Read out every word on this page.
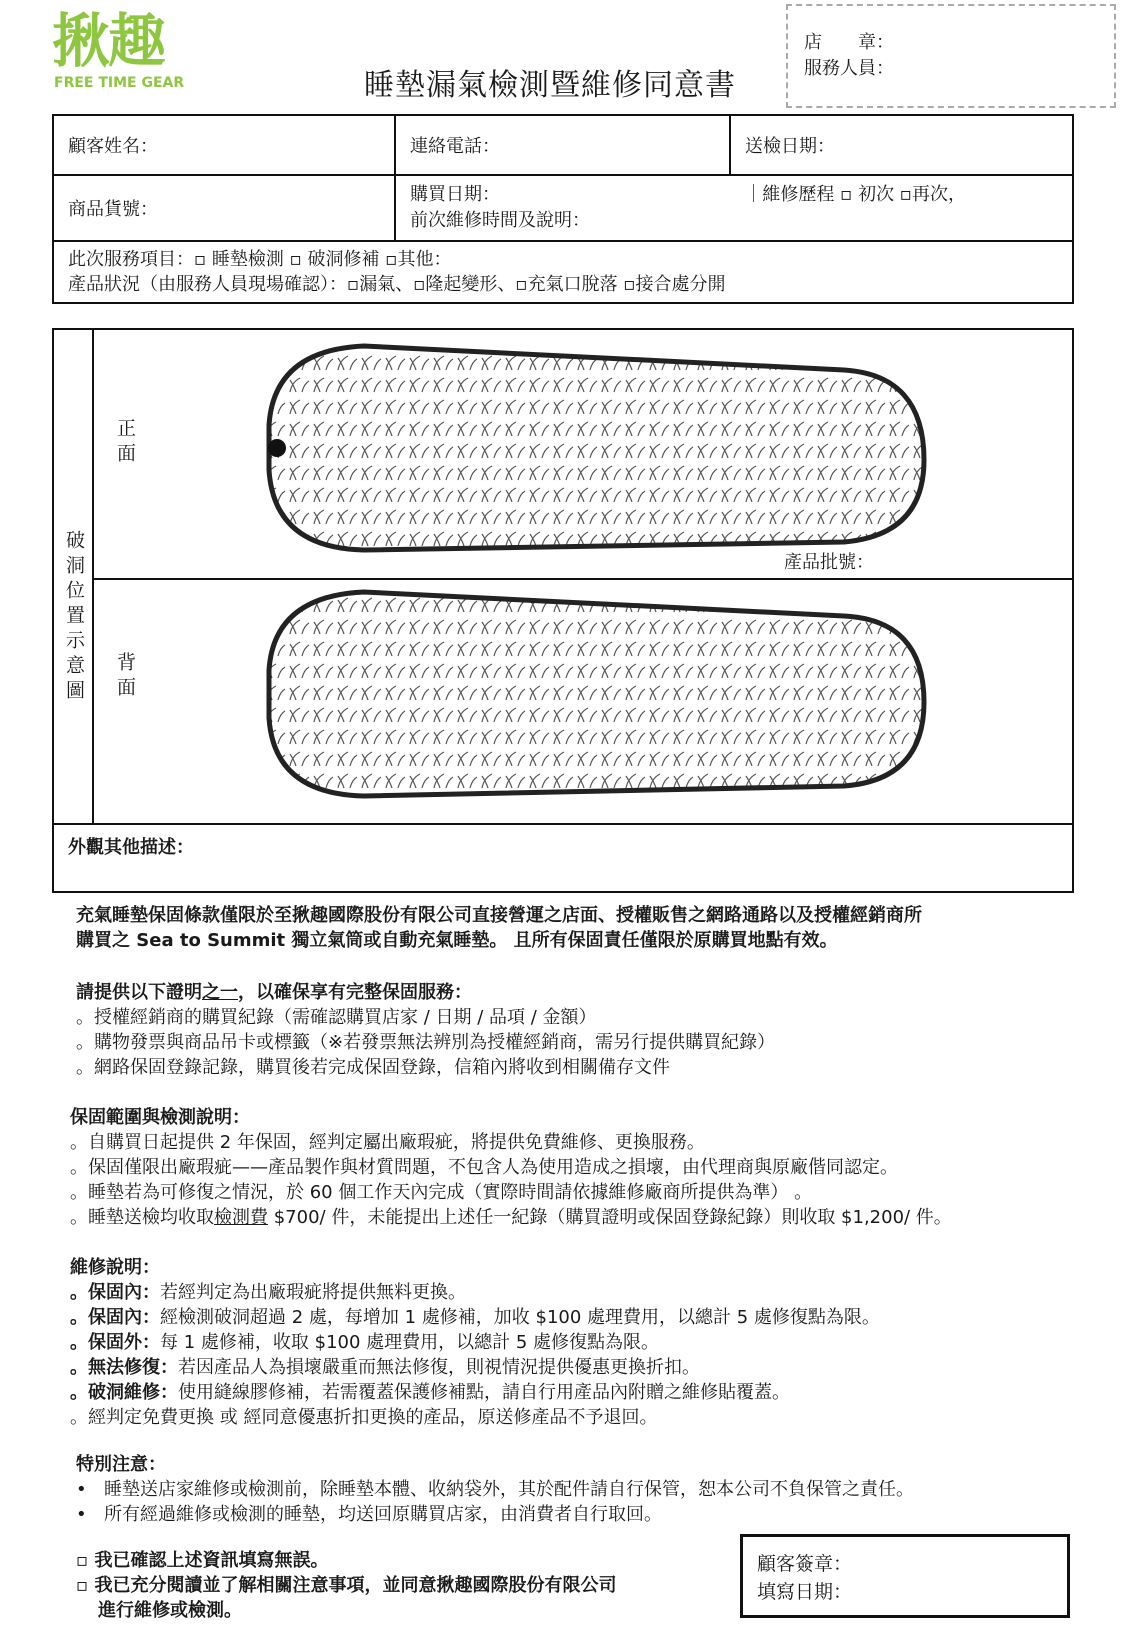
揪趣
FREE TIME GEAR	睡墊漏氣檢測暨維修同意書
店　　章：
服務人員：
顧客姓名：	連絡電話：	送檢日期：
商品貨號：	購買日期： ｜維修歷程 ▫ 初次 ▫再次，
前次維修時間及說明：	

此次服務項目：▫ 睡墊檢測 ▫ 破洞修補 ▫其他：
產品狀況（由服務人員現場確認）：▫漏氣、▫隆起變形、▫充氣口脫落 ▫接合處分開		
破洞位置示意圖
正面
背面
產品批號：
外觀其他描述：
充氣睡墊保固條款僅限於至揪趣國際股份有限公司直接營運之店面、授權販售之網路通路以及授權經銷商所
購買之 Sea to Summit 獨立氣筒或自動充氣睡墊。 且所有保固責任僅限於原購買地點有效。
請提供以下證明之一，以確保享有完整保固服務：
。授權經銷商的購買紀錄（需確認購買店家 / 日期 / 品項 / 金額）
。購物發票與商品吊卡或標籤（※若發票無法辨別為授權經銷商，需另行提供購買紀錄）
。網路保固登錄記錄，購買後若完成保固登錄，信箱內將收到相關備存文件
保固範圍與檢測說明：
。自購買日起提供 2 年保固，經判定屬出廠瑕疵，將提供免費維修、更換服務。
。保固僅限出廠瑕疵——產品製作與材質問題，不包含人為使用造成之損壞，由代理商與原廠偕同認定。
。睡墊若為可修復之情況，於 60 個工作天內完成（實際時間請依據維修廠商所提供為準） 。
。睡墊送檢均收取檢測費 $700/ 件，未能提出上述任一紀錄（購買證明或保固登錄紀錄）則收取 $1,200/ 件。
維修說明：
。保固內：若經判定為出廠瑕疵將提供無料更換。
。保固內：經檢測破洞超過 2 處，每增加 1 處修補，加收 $100 處理費用，以總計 5 處修復點為限。
。保固外：每 1 處修補，收取 $100 處理費用，以總計 5 處修復點為限。
。無法修復：若因產品人為損壞嚴重而無法修復，則視情況提供優惠更換折扣。
。破洞維修：使用縫線膠修補，若需覆蓋保護修補點，請自行用產品內附贈之維修貼覆蓋。
。經判定免費更換 或 經同意優惠折扣更換的產品，原送修產品不予退回。
特別注意：
• 睡墊送店家維修或檢測前，除睡墊本體、收納袋外，其於配件請自行保管，恕本公司不負保管之責任。
• 所有經過維修或檢測的睡墊，均送回原購買店家，由消費者自行取回。
▫ 我已確認上述資訊填寫無誤。
▫ 我已充分閱讀並了解相關注意事項，並同意揪趣國際股份有限公司
進行維修或檢測。
顧客簽章：
填寫日期：
